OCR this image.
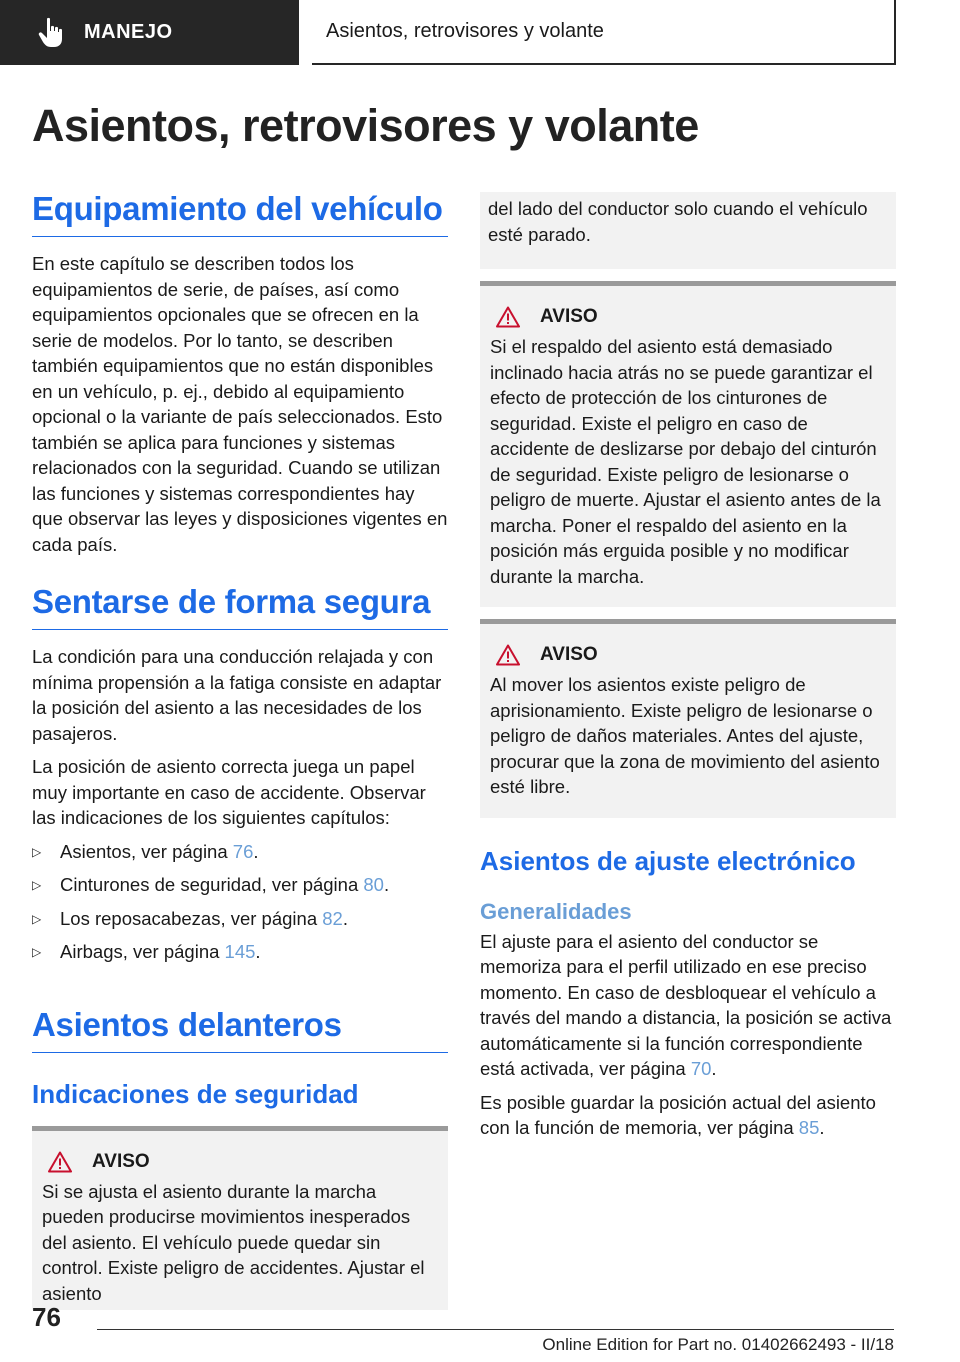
MANEJO	Asientos, retrovisores y volante
Asientos, retrovisores y volante
Equipamiento del vehículo

En este capítulo se describen todos los equipamientos de serie, de países, así como equipamientos opcionales que se ofrecen en la serie de modelos. Por lo tanto, se describen también equipamientos que no están disponibles en un vehículo, p. ej., debido al equipamiento opcional o la variante de país seleccionados. Esto también se aplica para funciones y sistemas relacionados con la seguridad. Cuando se utilizan las funciones y sistemas correspondientes hay que observar las leyes y disposiciones vigentes en cada país.

Sentarse de forma segura

La condición para una conducción relajada y con mínima propensión a la fatiga consiste en adaptar la posición del asiento a las necesidades de los pasajeros.

La posición de asiento correcta juega un papel muy importante en caso de accidente. Observar las indicaciones de los siguientes capítulos:

▷	Asientos, ver página 76.
▷	Cinturones de seguridad, ver página 80.
▷	Los reposacabezas, ver página 82.
▷	Airbags, ver página 145.
Asientos delanteros
Indicaciones de seguridad
AVISO

Si se ajusta el asiento durante la marcha pueden producirse movimientos inesperados del asiento. El vehículo puede quedar sin control. Existe peligro de accidentes. Ajustar el asiento

del lado del conductor solo cuando el vehículo esté parado.

AVISO

Si el respaldo del asiento está demasiado inclinado hacia atrás no se puede garantizar el efecto de protección de los cinturones de seguridad. Existe el peligro en caso de accidente de deslizarse por debajo del cinturón de seguridad. Existe peligro de lesionarse o peligro de muerte. Ajustar el asiento antes de la marcha. Poner el respaldo del asiento en la posición más erguida posible y no modificar durante la marcha.

AVISO

Al mover los asientos existe peligro de aprisionamiento. Existe peligro de lesionarse o peligro de daños materiales. Antes del ajuste, procurar que la zona de movimiento del asiento esté libre.

Asientos de ajuste electrónico
Generalidades

El ajuste para el asiento del conductor se memoriza para el perfil utilizado en ese preciso momento. En caso de desbloquear el vehículo a través del mando a distancia, la posición se activa automáticamente si la función correspondiente está activada, ver página 70.

Es posible guardar la posición actual del asiento con la función de memoria, ver página 85.

76
Online Edition for Part no. 01402662493 - II/18
